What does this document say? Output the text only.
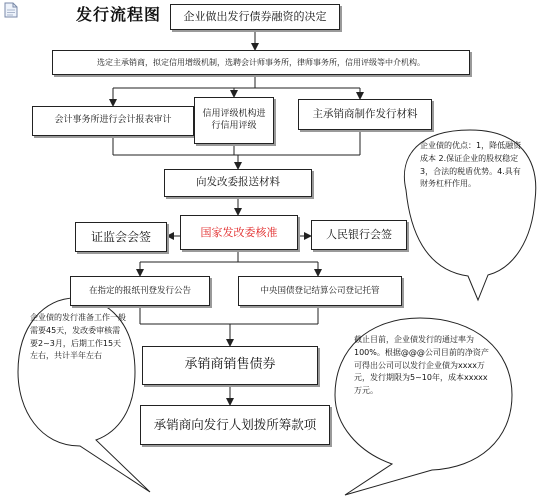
发行流程图	企业做出发行债券融资的决定
选定主承销商，拟定信用增级机制，选聘会计师事务所，律师事务所，信用评级等中介机构。
会计事务所进行会计报表审计
信用评级机构进行信用评级
主承销商制作发行材料
向发改委报送材料
证监会会签	国家发改委核准	人民银行会签
在指定的报纸刊登发行公告	中央国债登记结算公司登记托管
承销商销售债券
承销商向发行人划拨所筹款项
企业债的优点：1，降低融资成本 2.保证企业的股权稳定 3，合法的税盾优势。4.具有财务杠杆作用。
企业债的发行准备工作一般需要45天，发改委审核需要2~3月，后期工作15天左右，共计半年左右
截止目前，企业债发行的通过率为100%。根据@@@公司目前的净资产可得出公司可以发行企业债为xxxx万元，发行期限为5~10年，成本xxxxx万元。
